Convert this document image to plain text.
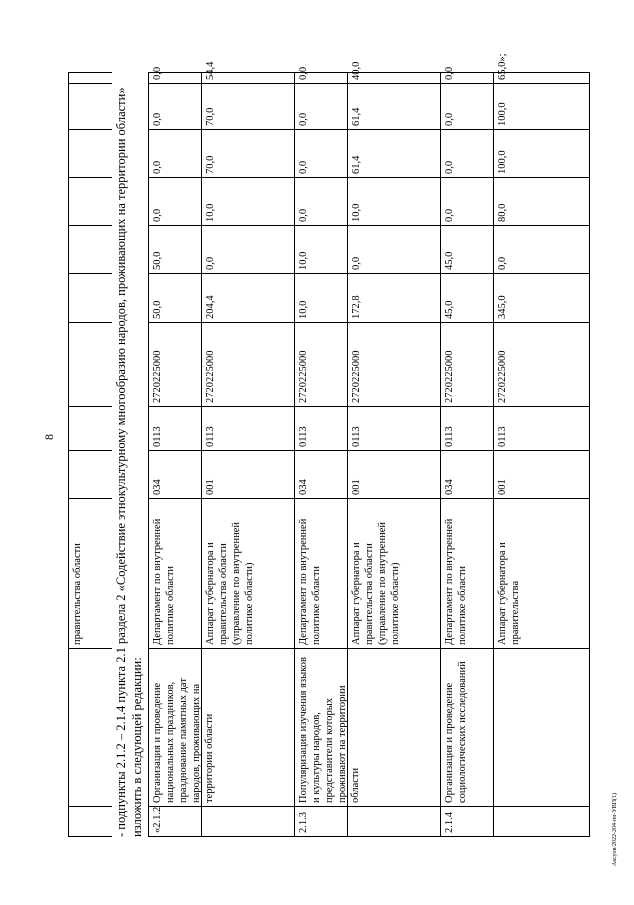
8
Аксуов/2022-204-пп-УВП(1)
правительства области	- подпункты 2.1.2 – 2.1.4 пункта 2.1 раздела 2 «Содействие этнокультурному многообразию народов, проживающих на территории области» изложить в следующей редакции: «2.1.2
Организация и проведение национальных праздников, празднование памятных дат народов, проживающих на территории области
Департамент по внутренней политике области
034
0113
2720225000
50,0
50,0
0,0
0,0
0,0
0,0
Аппарат губернатора и правительства области (управление по внутренней политике области)
001
0113
2720225000
204,4
0,0
10,0
70,0
70,0
54,4
2.1.3
Популяризация изучения языков и культуры народов, представители которых проживают на территории области
Департамент по внутренней политике области
034
0113
2720225000
10,0
10,0
0,0
0,0
0,0
0,0
Аппарат губернатора и правительства области (управление по внутренней политике области)
001
0113
2720225000
172,8
0,0
10,0
61,4
61,4
40,0
2.1.4
Организация и проведение социологических исследований
Департамент по внутренней политике области
034
0113
2720225000
45,0
45,0
0,0
0,0
0,0
0,0
Аппарат губернатора и правительства
001
0113
2720225000
345,0
0,0
80,0
100,0
100,0
65,0»;
